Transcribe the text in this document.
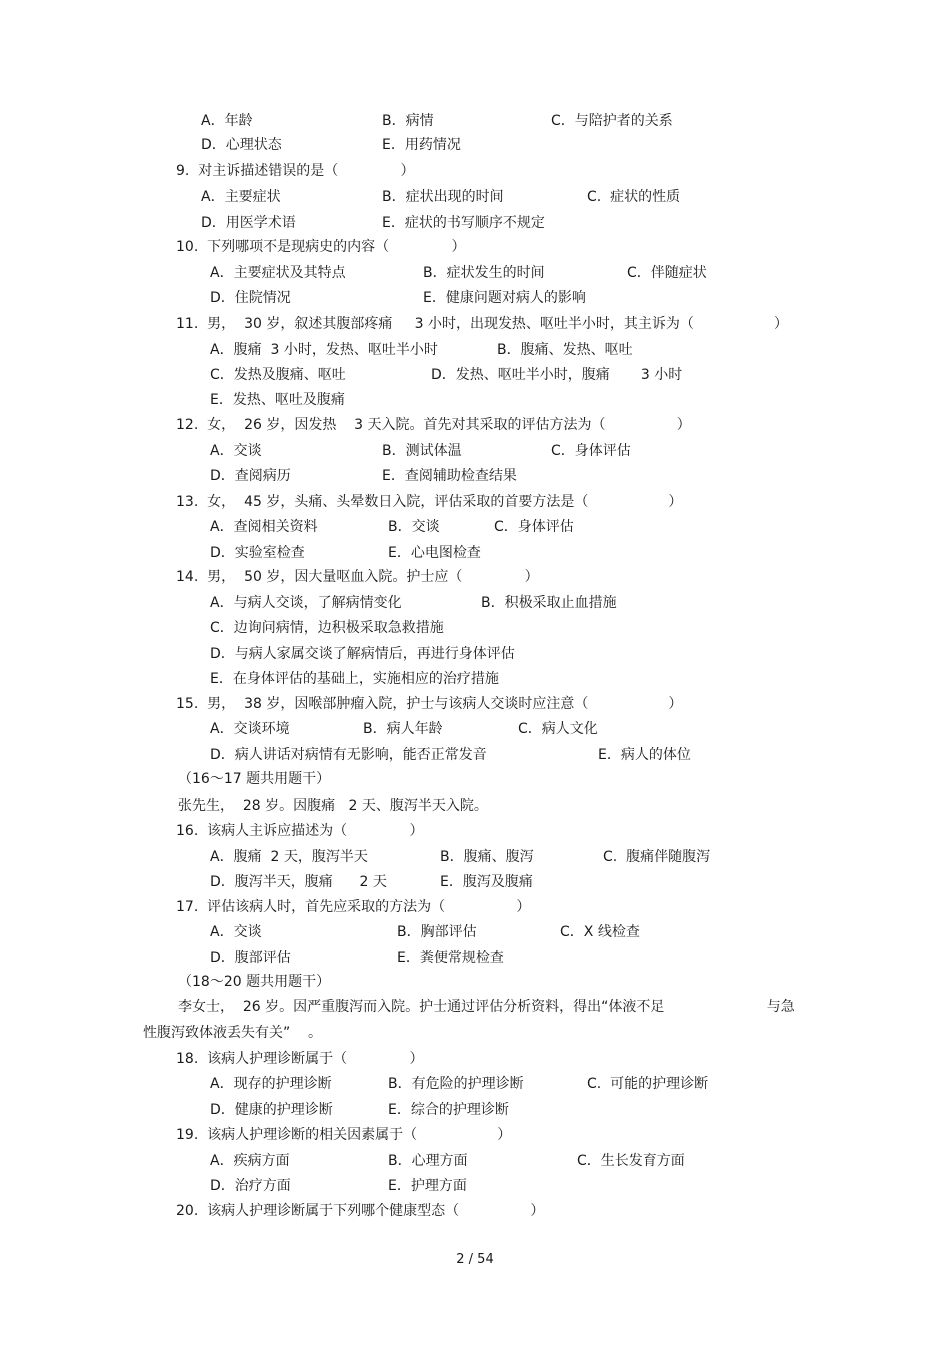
A．年龄	B．病情	C．与陪护者的关系
D．心理状态	E．用药情况
9.  对主诉描述错误的是（              ）
A．主要症状	B．症状出现的时间	C.  症状的性质
D．用医学术语	E．症状的书写顺序不规定
10.  下列哪项不是现病史的内容（              ）
A．主要症状及其特点	B．症状发生的时间	C．伴随症状
D．住院情况	E．健康问题对病人的影响
11.  男，  30 岁，叙述其腹部疼痛     3 小时，出现发热、呕吐半小时，其主诉为（                  ）
A．腹痛  3 小时，发热、呕吐半小时	B．腹痛、发热、呕吐
C．发热及腹痛、呕吐	D．发热、呕吐半小时，腹痛       3 小时
E．发热、呕吐及腹痛
12.  女，  26 岁，因发热    3 天入院。首先对其采取的评估方法为（                ）
A．交谈	B．测试体温	C．身体评估
D．查阅病历	E．查阅辅助检查结果
13.  女，  45 岁，头痛、头晕数日入院，评估采取的首要方法是（                  ）
A．查阅相关资料	B．交谈	C．身体评估
D．实验室检查	E．心电图检查
14.  男，  50 岁，因大量呕血入院。护士应（              ）
A．与病人交谈，了解病情变化	B．积极采取止血措施
C．边询问病情，边积极采取急救措施
D．与病人家属交谈了解病情后，再进行身体评估
E．在身体评估的基础上，实施相应的治疗措施
15.  男，  38 岁，因喉部肿瘤入院，护士与该病人交谈时应注意（                  ）
A．交谈环境	B．病人年龄	C．病人文化
D．病人讲话对病情有无影响，能否正常发音	E．病人的体位
（16～17 题共用题干）
张先生，  28 岁。因腹痛   2 天、腹泻半天入院。
16.  该病人主诉应描述为（              ）
A．腹痛  2 天，腹泻半天	B．腹痛、腹泻	C.  腹痛伴随腹泻
D．腹泻半天，腹痛      2 天	E．腹泻及腹痛
17.  评估该病人时，首先应采取的方法为（                ）
A．交谈	B．胸部评估	C．X 线检查
D．腹部评估	E．粪便常规检查
（18～20 题共用题干）
李女士，  26 岁。因严重腹泻而入院。护士通过评估分析资料，得出“体液不足                       与急
性腹泻致体液丢失有关”    。
18.  该病人护理诊断属于（              ）
A．现存的护理诊断	B．有危险的护理诊断	C.  可能的护理诊断
D．健康的护理诊断	E．综合的护理诊断
19.  该病人护理诊断的相关因素属于（                  ）
A．疾病方面	B．心理方面	C．生长发育方面
D．治疗方面	E．护理方面
20.  该病人护理诊断属于下列哪个健康型态（                ）
2 / 54
